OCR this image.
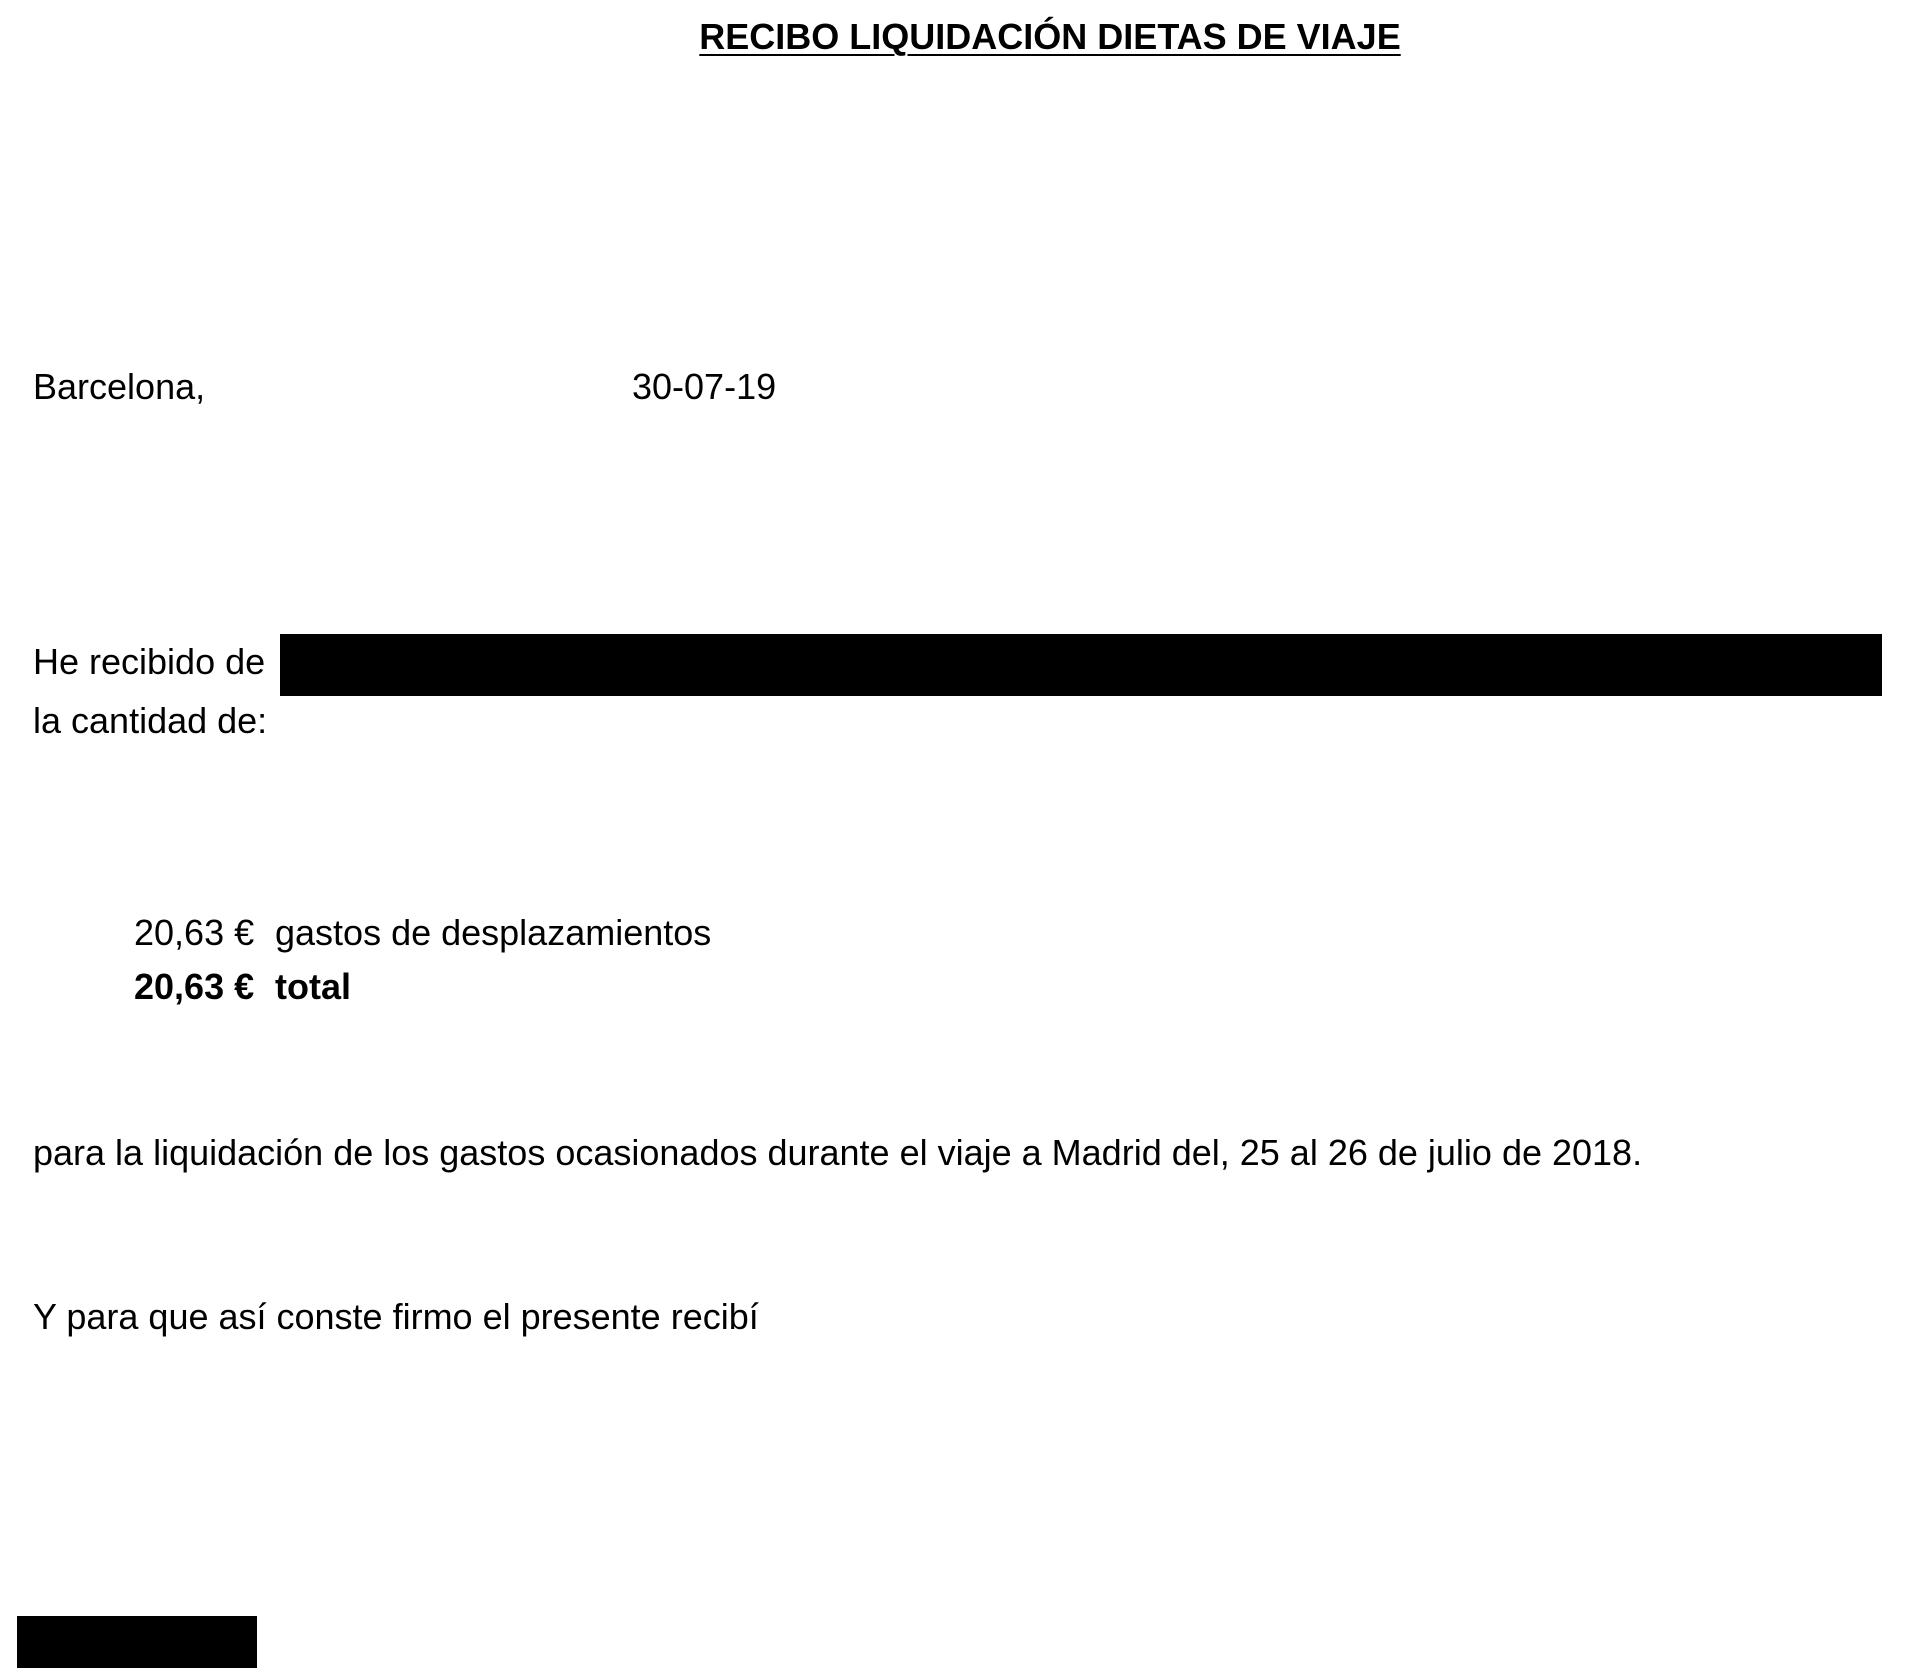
RECIBO LIQUIDACIÓN DIETAS DE VIAJE
Barcelona,	30-07-19
He recibido de
la cantidad de:
20,63 € gastos de desplazamientos
20,63 € total
para la liquidación de los gastos ocasionados durante el viaje a Madrid del, 25 al 26 de julio de 2018.
Y para que así conste firmo el presente recibí
